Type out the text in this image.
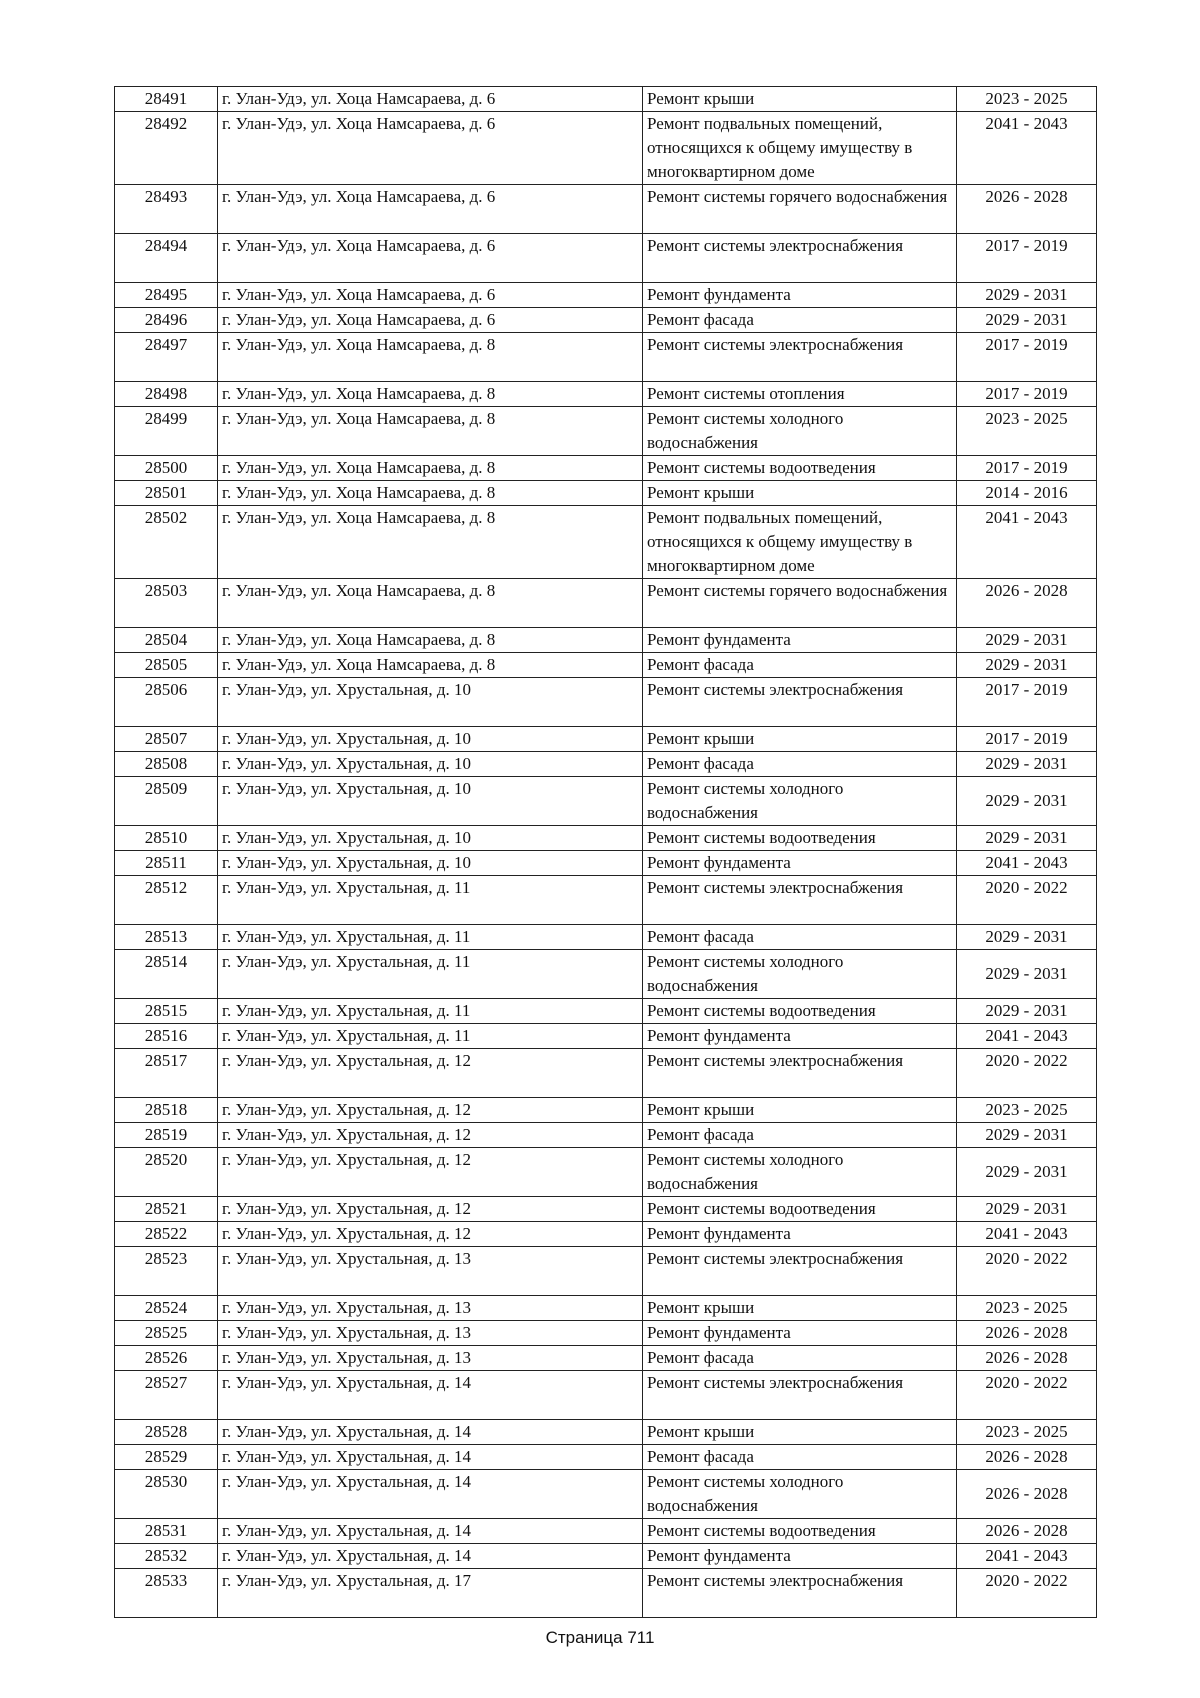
28491	г. Улан-Удэ, ул. Хоца Намсараева, д. 6	Ремонт крыши	2023 - 2025
28492	г. Улан-Удэ, ул. Хоца Намсараева, д. 6	Ремонт подвальных помещений, относящихся к общему имуществу в многоквартирном доме	2041 - 2043
28493	г. Улан-Удэ, ул. Хоца Намсараева, д. 6	Ремонт системы горячего водоснабжения	2026 - 2028
28494	г. Улан-Удэ, ул. Хоца Намсараева, д. 6	Ремонт системы электроснабжения	2017 - 2019
28495	г. Улан-Удэ, ул. Хоца Намсараева, д. 6	Ремонт фундамента	2029 - 2031
28496	г. Улан-Удэ, ул. Хоца Намсараева, д. 6	Ремонт фасада	2029 - 2031
28497	г. Улан-Удэ, ул. Хоца Намсараева, д. 8	Ремонт системы электроснабжения	2017 - 2019
28498	г. Улан-Удэ, ул. Хоца Намсараева, д. 8	Ремонт системы отопления	2017 - 2019
28499	г. Улан-Удэ, ул. Хоца Намсараева, д. 8	Ремонт системы холодного водоснабжения	2023 - 2025
28500	г. Улан-Удэ, ул. Хоца Намсараева, д. 8	Ремонт системы водоотведения	2017 - 2019
28501	г. Улан-Удэ, ул. Хоца Намсараева, д. 8	Ремонт крыши	2014 - 2016
28502	г. Улан-Удэ, ул. Хоца Намсараева, д. 8	Ремонт подвальных помещений, относящихся к общему имуществу в многоквартирном доме	2041 - 2043
28503	г. Улан-Удэ, ул. Хоца Намсараева, д. 8	Ремонт системы горячего водоснабжения	2026 - 2028
28504	г. Улан-Удэ, ул. Хоца Намсараева, д. 8	Ремонт фундамента	2029 - 2031
28505	г. Улан-Удэ, ул. Хоца Намсараева, д. 8	Ремонт фасада	2029 - 2031
28506	г. Улан-Удэ, ул. Хрустальная, д. 10	Ремонт системы электроснабжения	2017 - 2019
28507	г. Улан-Удэ, ул. Хрустальная, д. 10	Ремонт крыши	2017 - 2019
28508	г. Улан-Удэ, ул. Хрустальная, д. 10	Ремонт фасада	2029 - 2031
28509	г. Улан-Удэ, ул. Хрустальная, д. 10	Ремонт системы холодного водоснабжения	2029 - 2031
28510	г. Улан-Удэ, ул. Хрустальная, д. 10	Ремонт системы водоотведения	2029 - 2031
28511	г. Улан-Удэ, ул. Хрустальная, д. 10	Ремонт фундамента	2041 - 2043
28512	г. Улан-Удэ, ул. Хрустальная, д. 11	Ремонт системы электроснабжения	2020 - 2022
28513	г. Улан-Удэ, ул. Хрустальная, д. 11	Ремонт фасада	2029 - 2031
28514	г. Улан-Удэ, ул. Хрустальная, д. 11	Ремонт системы холодного водоснабжения	2029 - 2031
28515	г. Улан-Удэ, ул. Хрустальная, д. 11	Ремонт системы водоотведения	2029 - 2031
28516	г. Улан-Удэ, ул. Хрустальная, д. 11	Ремонт фундамента	2041 - 2043
28517	г. Улан-Удэ, ул. Хрустальная, д. 12	Ремонт системы электроснабжения	2020 - 2022
28518	г. Улан-Удэ, ул. Хрустальная, д. 12	Ремонт крыши	2023 - 2025
28519	г. Улан-Удэ, ул. Хрустальная, д. 12	Ремонт фасада	2029 - 2031
28520	г. Улан-Удэ, ул. Хрустальная, д. 12	Ремонт системы холодного водоснабжения	2029 - 2031
28521	г. Улан-Удэ, ул. Хрустальная, д. 12	Ремонт системы водоотведения	2029 - 2031
28522	г. Улан-Удэ, ул. Хрустальная, д. 12	Ремонт фундамента	2041 - 2043
28523	г. Улан-Удэ, ул. Хрустальная, д. 13	Ремонт системы электроснабжения	2020 - 2022
28524	г. Улан-Удэ, ул. Хрустальная, д. 13	Ремонт крыши	2023 - 2025
28525	г. Улан-Удэ, ул. Хрустальная, д. 13	Ремонт фундамента	2026 - 2028
28526	г. Улан-Удэ, ул. Хрустальная, д. 13	Ремонт фасада	2026 - 2028
28527	г. Улан-Удэ, ул. Хрустальная, д. 14	Ремонт системы электроснабжения	2020 - 2022
28528	г. Улан-Удэ, ул. Хрустальная, д. 14	Ремонт крыши	2023 - 2025
28529	г. Улан-Удэ, ул. Хрустальная, д. 14	Ремонт фасада	2026 - 2028
28530	г. Улан-Удэ, ул. Хрустальная, д. 14	Ремонт системы холодного водоснабжения	2026 - 2028
28531	г. Улан-Удэ, ул. Хрустальная, д. 14	Ремонт системы водоотведения	2026 - 2028
28532	г. Улан-Удэ, ул. Хрустальная, д. 14	Ремонт фундамента	2041 - 2043
28533	г. Улан-Удэ, ул. Хрустальная, д. 17	Ремонт системы электроснабжения	2020 - 2022
Страница 711
